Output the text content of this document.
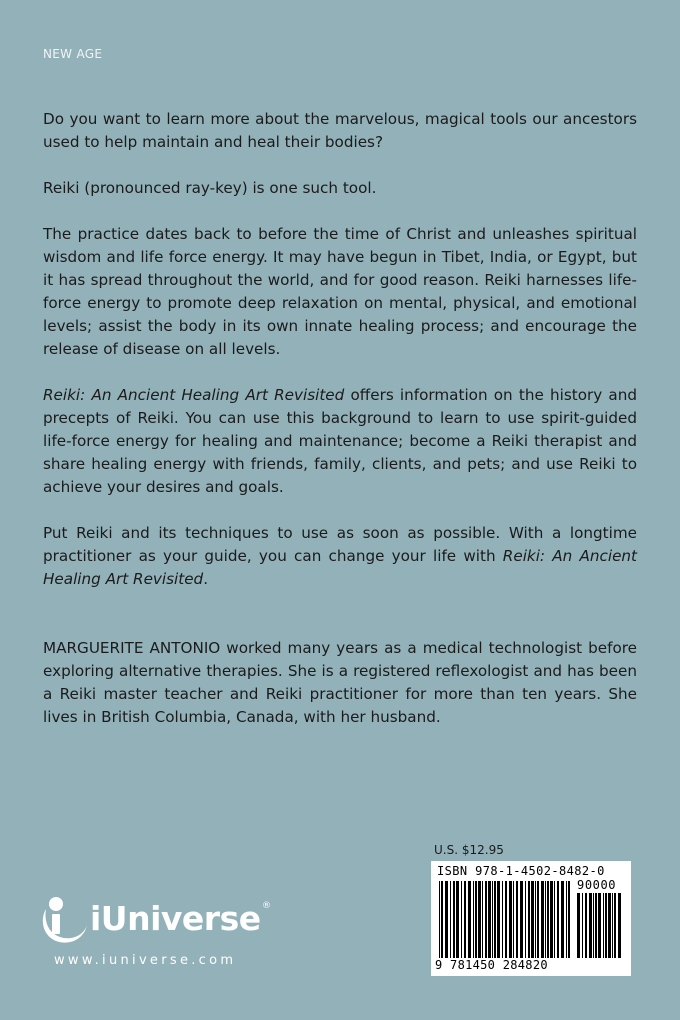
NEW AGE

Do you want to learn more about the marvelous, magical tools our ancestors used to help maintain and heal their bodies?

Reiki (pronounced ray-key) is one such tool.

The practice dates back to before the time of Christ and unleashes spiritual wisdom and life force energy. It may have begun in Tibet, India, or Egypt, but it has spread throughout the world, and for good reason. Reiki harnesses life-force energy to promote deep relaxation on mental, physical, and emotional levels; assist the body in its own innate healing process; and encourage the release of disease on all levels.

Reiki: An Ancient Healing Art Revisited offers information on the history and precepts of Reiki. You can use this background to learn to use spirit-guided life-force energy for healing and maintenance; become a Reiki therapist and share healing energy with friends, family, clients, and pets; and use Reiki to achieve your desires and goals.

Put Reiki and its techniques to use as soon as possible. With a longtime practitioner as your guide, you can change your life with Reiki: An Ancient Healing Art Revisited.

MARGUERITE ANTONIO worked many years as a medical technologist before exploring alternative therapies. She is a registered reflexologist and has been a Reiki master teacher and Reiki practitioner for more than ten years. She lives in British Columbia, Canada, with her husband.

iUniverse ®
www.iuniverse.com
U.S. $12.95
ISBN 978-1-4502-8482-0
90000
9 781450 284820
